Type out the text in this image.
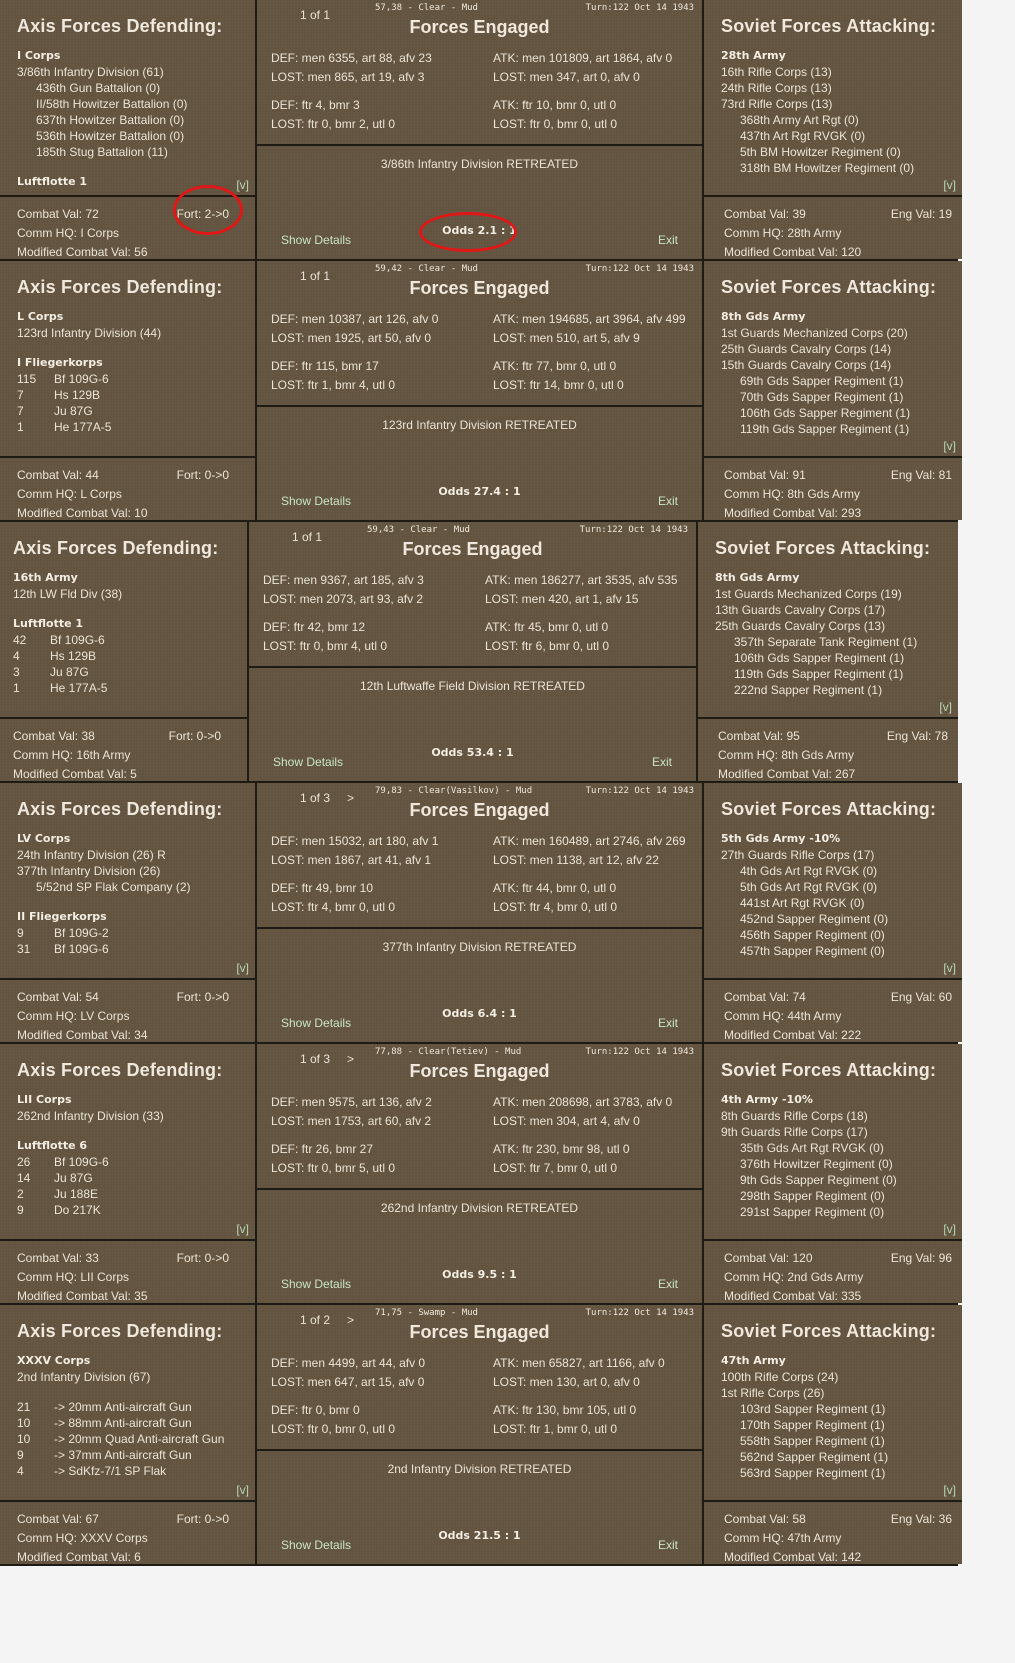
Axis Forces Defending:
I Corps
3/86th Infantry Division (61)
436th Gun Battalion (0)
II/58th Howitzer Battalion (0)
637th Howitzer Battalion (0)
536th Howitzer Battalion (0)
185th Stug Battalion (11)
Luftflotte 1	[v]
Combat Val: 72	Fort: 2->0
Comm HQ: I Corps
Modified Combat Val: 56
1 of 1	57,38 - Clear - Mud	Turn:122 Oct 14 1943
Forces Engaged
DEF: men 6355, art 88, afv 23
LOST: men 865, art 19, afv 3
ATK: men 101809, art 1864, afv 0
LOST: men 347, art 0, afv 0
DEF: ftr 4, bmr 3
LOST: ftr 0, bmr 2, utl 0
ATK: ftr 10, bmr 0, utl 0
LOST: ftr 0, bmr 0, utl 0
3/86th Infantry Division RETREATED
Odds 2.1 : 1
Show Details	Exit
Soviet Forces Attacking:
28th Army
16th Rifle Corps (13)
24th Rifle Corps (13)
73rd Rifle Corps (13)
368th Army Art Rgt (0)
437th Art Rgt RVGK (0)
5th BM Howitzer Regiment (0)
318th BM Howitzer Regiment (0)
[v]
Combat Val: 39	Eng Val: 19
Comm HQ: 28th Army
Modified Combat Val: 120
Axis Forces Defending:
L Corps
123rd Infantry Division (44)
I Fliegerkorps
115	Bf 109G-6
7	Hs 129B
7	Ju 87G
1	He 177A-5
Combat Val: 44	Fort: 0->0
Comm HQ: L Corps
Modified Combat Val: 10
1 of 1	59,42 - Clear - Mud	Turn:122 Oct 14 1943
Forces Engaged
DEF: men 10387, art 126, afv 0
LOST: men 1925, art 50, afv 0
ATK: men 194685, art 3964, afv 499
LOST: men 510, art 5, afv 9
DEF: ftr 115, bmr 17
LOST: ftr 1, bmr 4, utl 0
ATK: ftr 77, bmr 0, utl 0
LOST: ftr 14, bmr 0, utl 0
123rd Infantry Division RETREATED
Odds 27.4 : 1
Show Details	Exit
Soviet Forces Attacking:
8th Gds Army
1st Guards Mechanized Corps (20)
25th Guards Cavalry Corps (14)
15th Guards Cavalry Corps (14)
69th Gds Sapper Regiment (1)
70th Gds Sapper Regiment (1)
106th Gds Sapper Regiment (1)
119th Gds Sapper Regiment (1)
[v]
Combat Val: 91	Eng Val: 81
Comm HQ: 8th Gds Army
Modified Combat Val: 293
Axis Forces Defending:
16th Army
12th LW Fld Div (38)
Luftflotte 1
42	Bf 109G-6
4	Hs 129B
3	Ju 87G
1	He 177A-5
Combat Val: 38	Fort: 0->0
Comm HQ: 16th Army
Modified Combat Val: 5
1 of 1	59,43 - Clear - Mud	Turn:122 Oct 14 1943
Forces Engaged
DEF: men 9367, art 185, afv 3
LOST: men 2073, art 93, afv 2
ATK: men 186277, art 3535, afv 535
LOST: men 420, art 1, afv 15
DEF: ftr 42, bmr 12
LOST: ftr 0, bmr 4, utl 0
ATK: ftr 45, bmr 0, utl 0
LOST: ftr 6, bmr 0, utl 0
12th Luftwaffe Field Division RETREATED
Odds 53.4 : 1
Show Details	Exit
Soviet Forces Attacking:
8th Gds Army
1st Guards Mechanized Corps (19)
13th Guards Cavalry Corps (17)
25th Guards Cavalry Corps (13)
357th Separate Tank Regiment (1)
106th Gds Sapper Regiment (1)
119th Gds Sapper Regiment (1)
222nd Sapper Regiment (1)
[v]
Combat Val: 95	Eng Val: 78
Comm HQ: 8th Gds Army
Modified Combat Val: 267
Axis Forces Defending:
LV Corps
24th Infantry Division (26) R
377th Infantry Division (26)
5/52nd SP Flak Company (2)
II Fliegerkorps
9	Bf 109G-2
31	Bf 109G-6
[v]
Combat Val: 54	Fort: 0->0
Comm HQ: LV Corps
Modified Combat Val: 34
1 of 3 > 79,83 - Clear(Vasilkov) - Mud	Turn:122 Oct 14 1943
Forces Engaged
DEF: men 15032, art 180, afv 1
LOST: men 1867, art 41, afv 1
ATK: men 160489, art 2746, afv 269
LOST: men 1138, art 12, afv 22
DEF: ftr 49, bmr 10
LOST: ftr 4, bmr 0, utl 0
ATK: ftr 44, bmr 0, utl 0
LOST: ftr 4, bmr 0, utl 0
377th Infantry Division RETREATED
Odds 6.4 : 1
Show Details	Exit
Soviet Forces Attacking:
5th Gds Army -10%
27th Guards Rifle Corps (17)
4th Gds Art Rgt RVGK (0)
5th Gds Art Rgt RVGK (0)
441st Art Rgt RVGK (0)
452nd Sapper Regiment (0)
456th Sapper Regiment (0)
457th Sapper Regiment (0)
[v]
Combat Val: 74	Eng Val: 60
Comm HQ: 44th Army
Modified Combat Val: 222
Axis Forces Defending:
LII Corps
262nd Infantry Division (33)
Luftflotte 6
26	Bf 109G-6
14	Ju 87G
2	Ju 188E
9	Do 217K
[v]
Combat Val: 33	Fort: 0->0
Comm HQ: LII Corps
Modified Combat Val: 35
1 of 3 > 77,88 - Clear(Tetiev) - Mud	Turn:122 Oct 14 1943
Forces Engaged
DEF: men 9575, art 136, afv 2
LOST: men 1753, art 60, afv 2
ATK: men 208698, art 3783, afv 0
LOST: men 304, art 4, afv 0
DEF: ftr 26, bmr 27
LOST: ftr 0, bmr 5, utl 0
ATK: ftr 230, bmr 98, utl 0
LOST: ftr 7, bmr 0, utl 0
262nd Infantry Division RETREATED
Odds 9.5 : 1
Show Details	Exit
Soviet Forces Attacking:
4th Army -10%
8th Guards Rifle Corps (18)
9th Guards Rifle Corps (17)
35th Gds Art Rgt RVGK (0)
376th Howitzer Regiment (0)
9th Gds Sapper Regiment (0)
298th Sapper Regiment (0)
291st Sapper Regiment (0)
[v]
Combat Val: 120	Eng Val: 96
Comm HQ: 2nd Gds Army
Modified Combat Val: 335
Axis Forces Defending:
XXXV Corps
2nd Infantry Division (67)
21	-> 20mm Anti-aircraft Gun
10	-> 88mm Anti-aircraft Gun
10	-> 20mm Quad Anti-aircraft Gun
9	-> 37mm Anti-aircraft Gun
4	-> SdKfz-7/1 SP Flak
[v]
Combat Val: 67	Fort: 0->0
Comm HQ: XXXV Corps
Modified Combat Val: 6
1 of 2 > 71,75 - Swamp - Mud	Turn:122 Oct 14 1943
Forces Engaged
DEF: men 4499, art 44, afv 0
LOST: men 647, art 15, afv 0
ATK: men 65827, art 1166, afv 0
LOST: men 130, art 0, afv 0
DEF: ftr 0, bmr 0
LOST: ftr 0, bmr 0, utl 0
ATK: ftr 130, bmr 105, utl 0
LOST: ftr 1, bmr 0, utl 0
2nd Infantry Division RETREATED
Odds 21.5 : 1
Show Details	Exit
Soviet Forces Attacking:
47th Army
100th Rifle Corps (24)
1st Rifle Corps (26)
103rd Sapper Regiment (1)
170th Sapper Regiment (1)
558th Sapper Regiment (1)
562nd Sapper Regiment (1)
563rd Sapper Regiment (1)
[v]
Combat Val: 58	Eng Val: 36
Comm HQ: 47th Army
Modified Combat Val: 142
